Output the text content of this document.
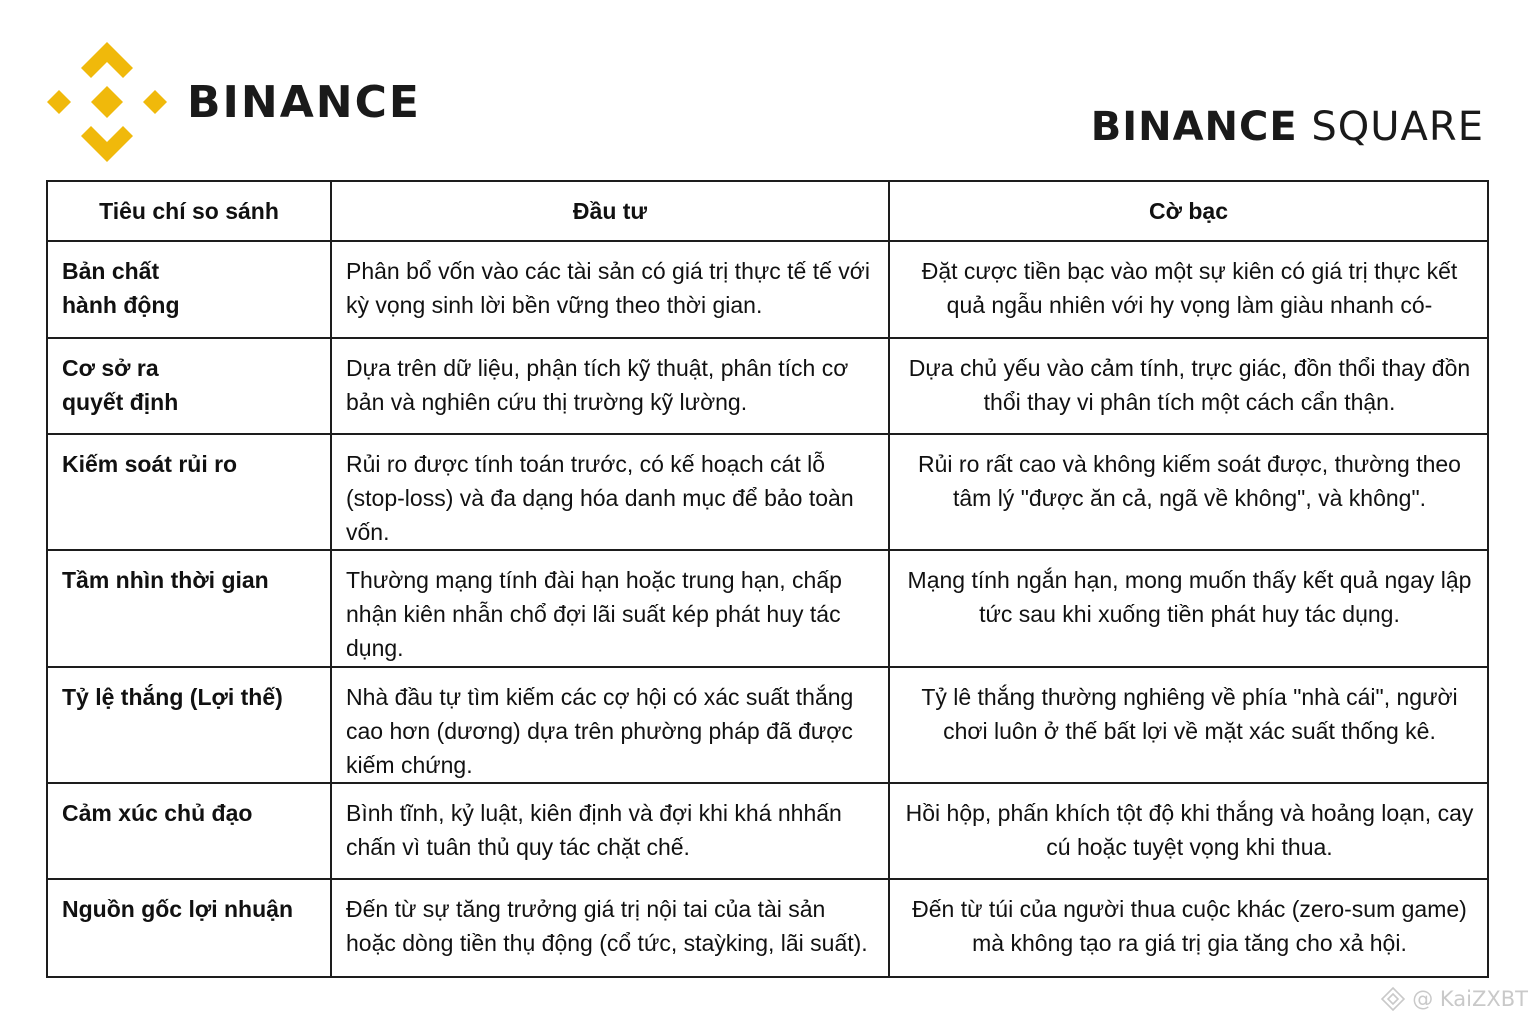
BINANCE	BINANCE SQUARE
Tiêu chí so sánh	Đầu tư	Cờ bạc
Bản chất
hành động	Phân bổ vốn vào các tài sản có giá trị thực tế tế với kỳ vọng sinh lời bền vững theo thời gian.	Đặt cược tiền bạc vào một sự kiên có giá trị thực kết quả ngẫu nhiên với hy vọng làm giàu nhanh có-
Cơ sở ra
quyết định	Dựa trên dữ liệu, phận tích kỹ thuật, phân tích cơ bản và nghiên cứu thị trường kỹ lường.	Dựa chủ yếu vào cảm tính, trực giác, đồn thổi thay đồn thổi thay vi phân tích một cách cẩn thận.
Kiếm soát rủi ro	Rủi ro được tính toán trước, có kế hoạch cát lỗ (stop-loss) và đa dạng hóa danh mục để bảo toàn vốn.	Rủi ro rất cao và không kiếm soát được, thường theo tâm lý "được ăn cả, ngã về không", và không".
Tầm nhìn thời gian	Thường mạng tính đài hạn hoặc trung hạn, chấp nhận kiên nhẫn chổ đợi lãi suất kép phát huy tác dụng.	Mạng tính ngắn hạn, mong muốn thấy kết quả ngay lập tức sau khi xuống tiền phát huy tác dụng.
Tỷ lệ thắng (Lợi thế)	Nhà đầu tự tìm kiếm các cợ hội có xác suất thắng cao hơn (dương) dựa trên phường pháp đã được kiếm chứng.	Tỷ lê thắng thường nghiêng về phía "nhà cái", người chơi luôn ở thế bất lợi về mặt xác suất thống kê.
Cảm xúc chủ đạo	Bình tĩnh, kỷ luật, kiên định và đợi khi khá nhhấn chấn vì tuân thủ quy tác chặt chế.	Hồi hộp, phấn khích tột độ khi thắng và hoảng loạn, cay cú hoặc tuyệt vọng khi thua.
Nguồn gốc lợi nhuận	Đến từ sự tăng trưởng giá trị nội tai của tài sản hoặc dòng tiền thụ động (cổ tức, staỳking, lãi suất).	Đến từ túi của người thua cuộc khác (zero-sum game) mà không tạo ra giá trị gia tăng cho xả hội.
@ KaiZXBT
